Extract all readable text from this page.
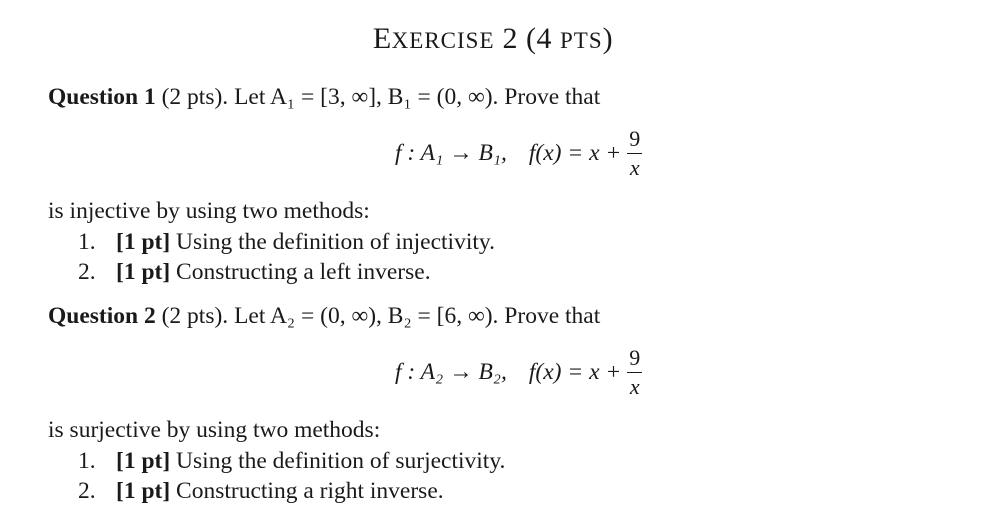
EXERCISE 2 (4 PTS)
Question 1 (2 pts). Let A₁ = [3, ∞], B₁ = (0, ∞). Prove that
f : A₁ → B₁, $f(x) = x + \frac{9}{x}$
is injective by using two methods:
1. [1 pt] Using the definition of injectivity.
2. [1 pt] Constructing a left inverse.
Question 2 (2 pts). Let A₂ = (0, ∞), B₂ = [6, ∞). Prove that
f : A₂ → B₂, $f(x) = x + \frac{9}{x}$
is surjective by using two methods:
1. [1 pt] Using the definition of surjectivity.
2. [1 pt] Constructing a right inverse.
